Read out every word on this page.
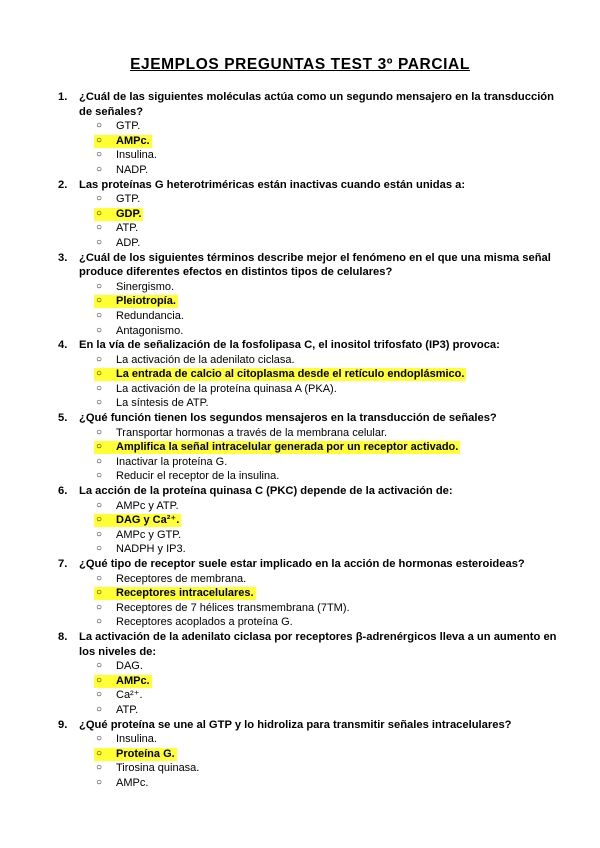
EJEMPLOS PREGUNTAS TEST 3º PARCIAL
1.	¿Cuál de las siguientes moléculas actúa como un segundo mensajero en la transducción de señales?
○ GTP.
○ AMPc.
○ Insulina.
○ NADP.
2.	Las proteínas G heterotriméricas están inactivas cuando están unidas a:
○ GTP.
○ GDP.
○ ATP.
○ ADP.
3.	¿Cuál de los siguientes términos describe mejor el fenómeno en el que una misma señal produce diferentes efectos en distintos tipos de celulares?
○ Sinergismo.
○ Pleiotropía.
○ Redundancia.
○ Antagonismo.
4.	En la vía de señalización de la fosfolipasa C, el inositol trifosfato (IP3) provoca:
○ La activación de la adenilato ciclasa.
○ La entrada de calcio al citoplasma desde el retículo endoplásmico.
○ La activación de la proteína quinasa A (PKA).
○ La síntesis de ATP.
5.	¿Qué función tienen los segundos mensajeros en la transducción de señales?
○ Transportar hormonas a través de la membrana celular.
○ Amplifica la señal intracelular generada por un receptor activado.
○ Inactivar la proteína G.
○ Reducir el receptor de la insulina.
6.	La acción de la proteína quinasa C (PKC) depende de la activación de:
○ AMPc y ATP.
○ DAG y Ca²⁺.
○ AMPc y GTP.
○ NADPH y IP3.
7.	¿Qué tipo de receptor suele estar implicado en la acción de hormonas esteroideas?
○ Receptores de membrana.
○ Receptores intracelulares.
○ Receptores de 7 hélices transmembrana (7TM).
○ Receptores acoplados a proteína G.
8.	La activación de la adenilato ciclasa por receptores β-adrenérgicos lleva a un aumento en los niveles de:
○ DAG.
○ AMPc.
○ Ca²⁺.
○ ATP.
9.	¿Qué proteína se une al GTP y lo hidroliza para transmitir señales intracelulares?
○ Insulina.
○ Proteína G.
○ Tirosina quinasa.
○ AMPc.
